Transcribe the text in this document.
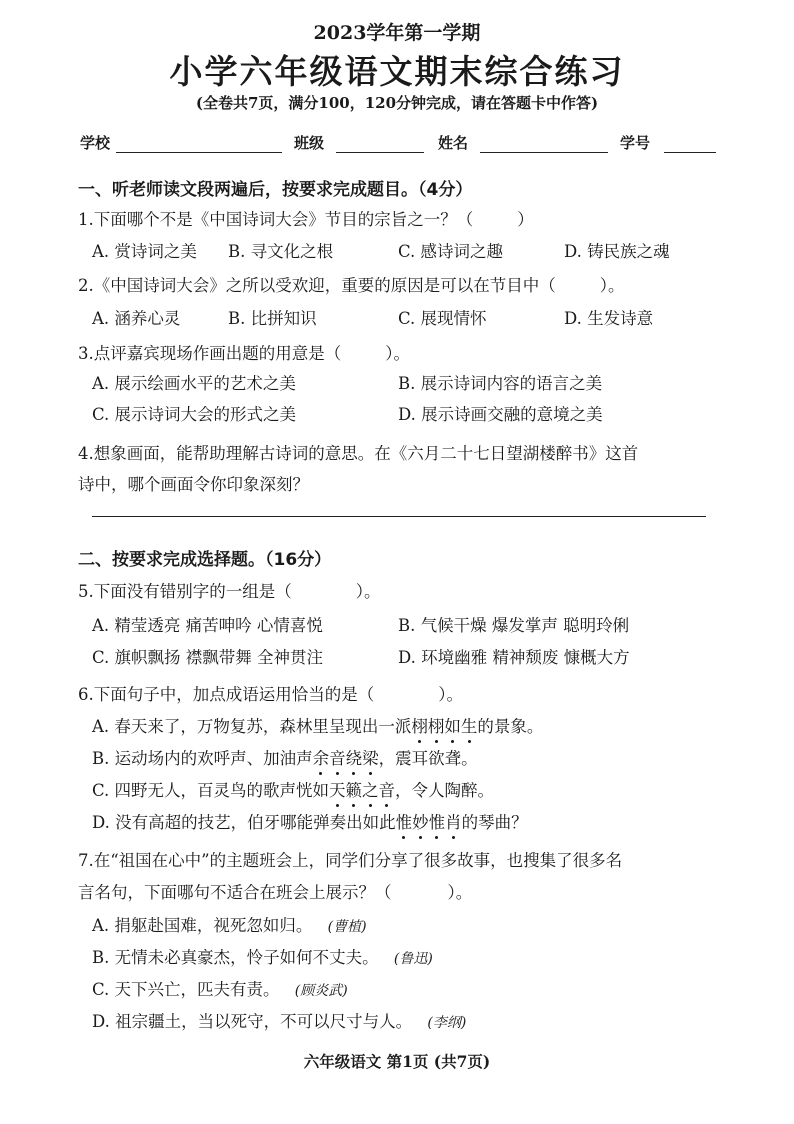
2023学年第一学期
小学六年级语文期末综合练习
(全卷共7页，满分100，120分钟完成，请在答题卡中作答)
学校	班级	姓名	学号
一、听老师读文段两遍后，按要求完成题目。（4分）
1.下面哪个不是《中国诗词大会》节目的宗旨之一？（	）
A. 赏诗词之美 B. 寻文化之根	C. 感诗词之趣	D. 铸民族之魂
2.《中国诗词大会》之所以受欢迎，重要的原因是可以在节目中（	）。
A. 涵养心灵	B. 比拼知识	C. 展现情怀	D. 生发诗意
3.点评嘉宾现场作画出题的用意是（	）。
A. 展示绘画水平的艺术之美	B. 展示诗词内容的语言之美
C. 展示诗词大会的形式之美	D. 展示诗画交融的意境之美
4.想象画面，能帮助理解古诗词的意思。在《六月二十七日望湖楼醉书》这首
诗中，哪个画面令你印象深刻？
二、按要求完成选择题。（16分）
5.下面没有错别字的一组是（	）。
A. 精莹透亮 痛苦呻吟 心情喜悦	B. 气候干燥 爆发掌声 聪明玲俐
C. 旗帜飘扬 襟飘带舞 全神贯注	D. 环境幽雅 精神颓废 慷概大方
6.下面句子中，加点成语运用恰当的是（	）。
A. 春天来了，万物复苏，森林里呈现出一派栩栩如生的景象。
B. 运动场内的欢呼声、加油声余音绕梁，震耳欲聋。
C. 四野无人，百灵鸟的歌声恍如天籁之音，令人陶醉。
D. 没有高超的技艺，伯牙哪能弹奏出如此惟妙惟肖的琴曲？
7.在“祖国在心中”的主题班会上，同学们分享了很多故事，也搜集了很多名
言名句，下面哪句不适合在班会上展示？（	）。
A. 捐躯赴国难，视死忽如归。 (曹植)
B. 无情未必真豪杰，怜子如何不丈夫。 (鲁迅)
C. 天下兴亡，匹夫有责。 (顾炎武)
D. 祖宗疆土，当以死守，不可以尺寸与人。 (李纲)
六年级语文 第1页 (共7页)
